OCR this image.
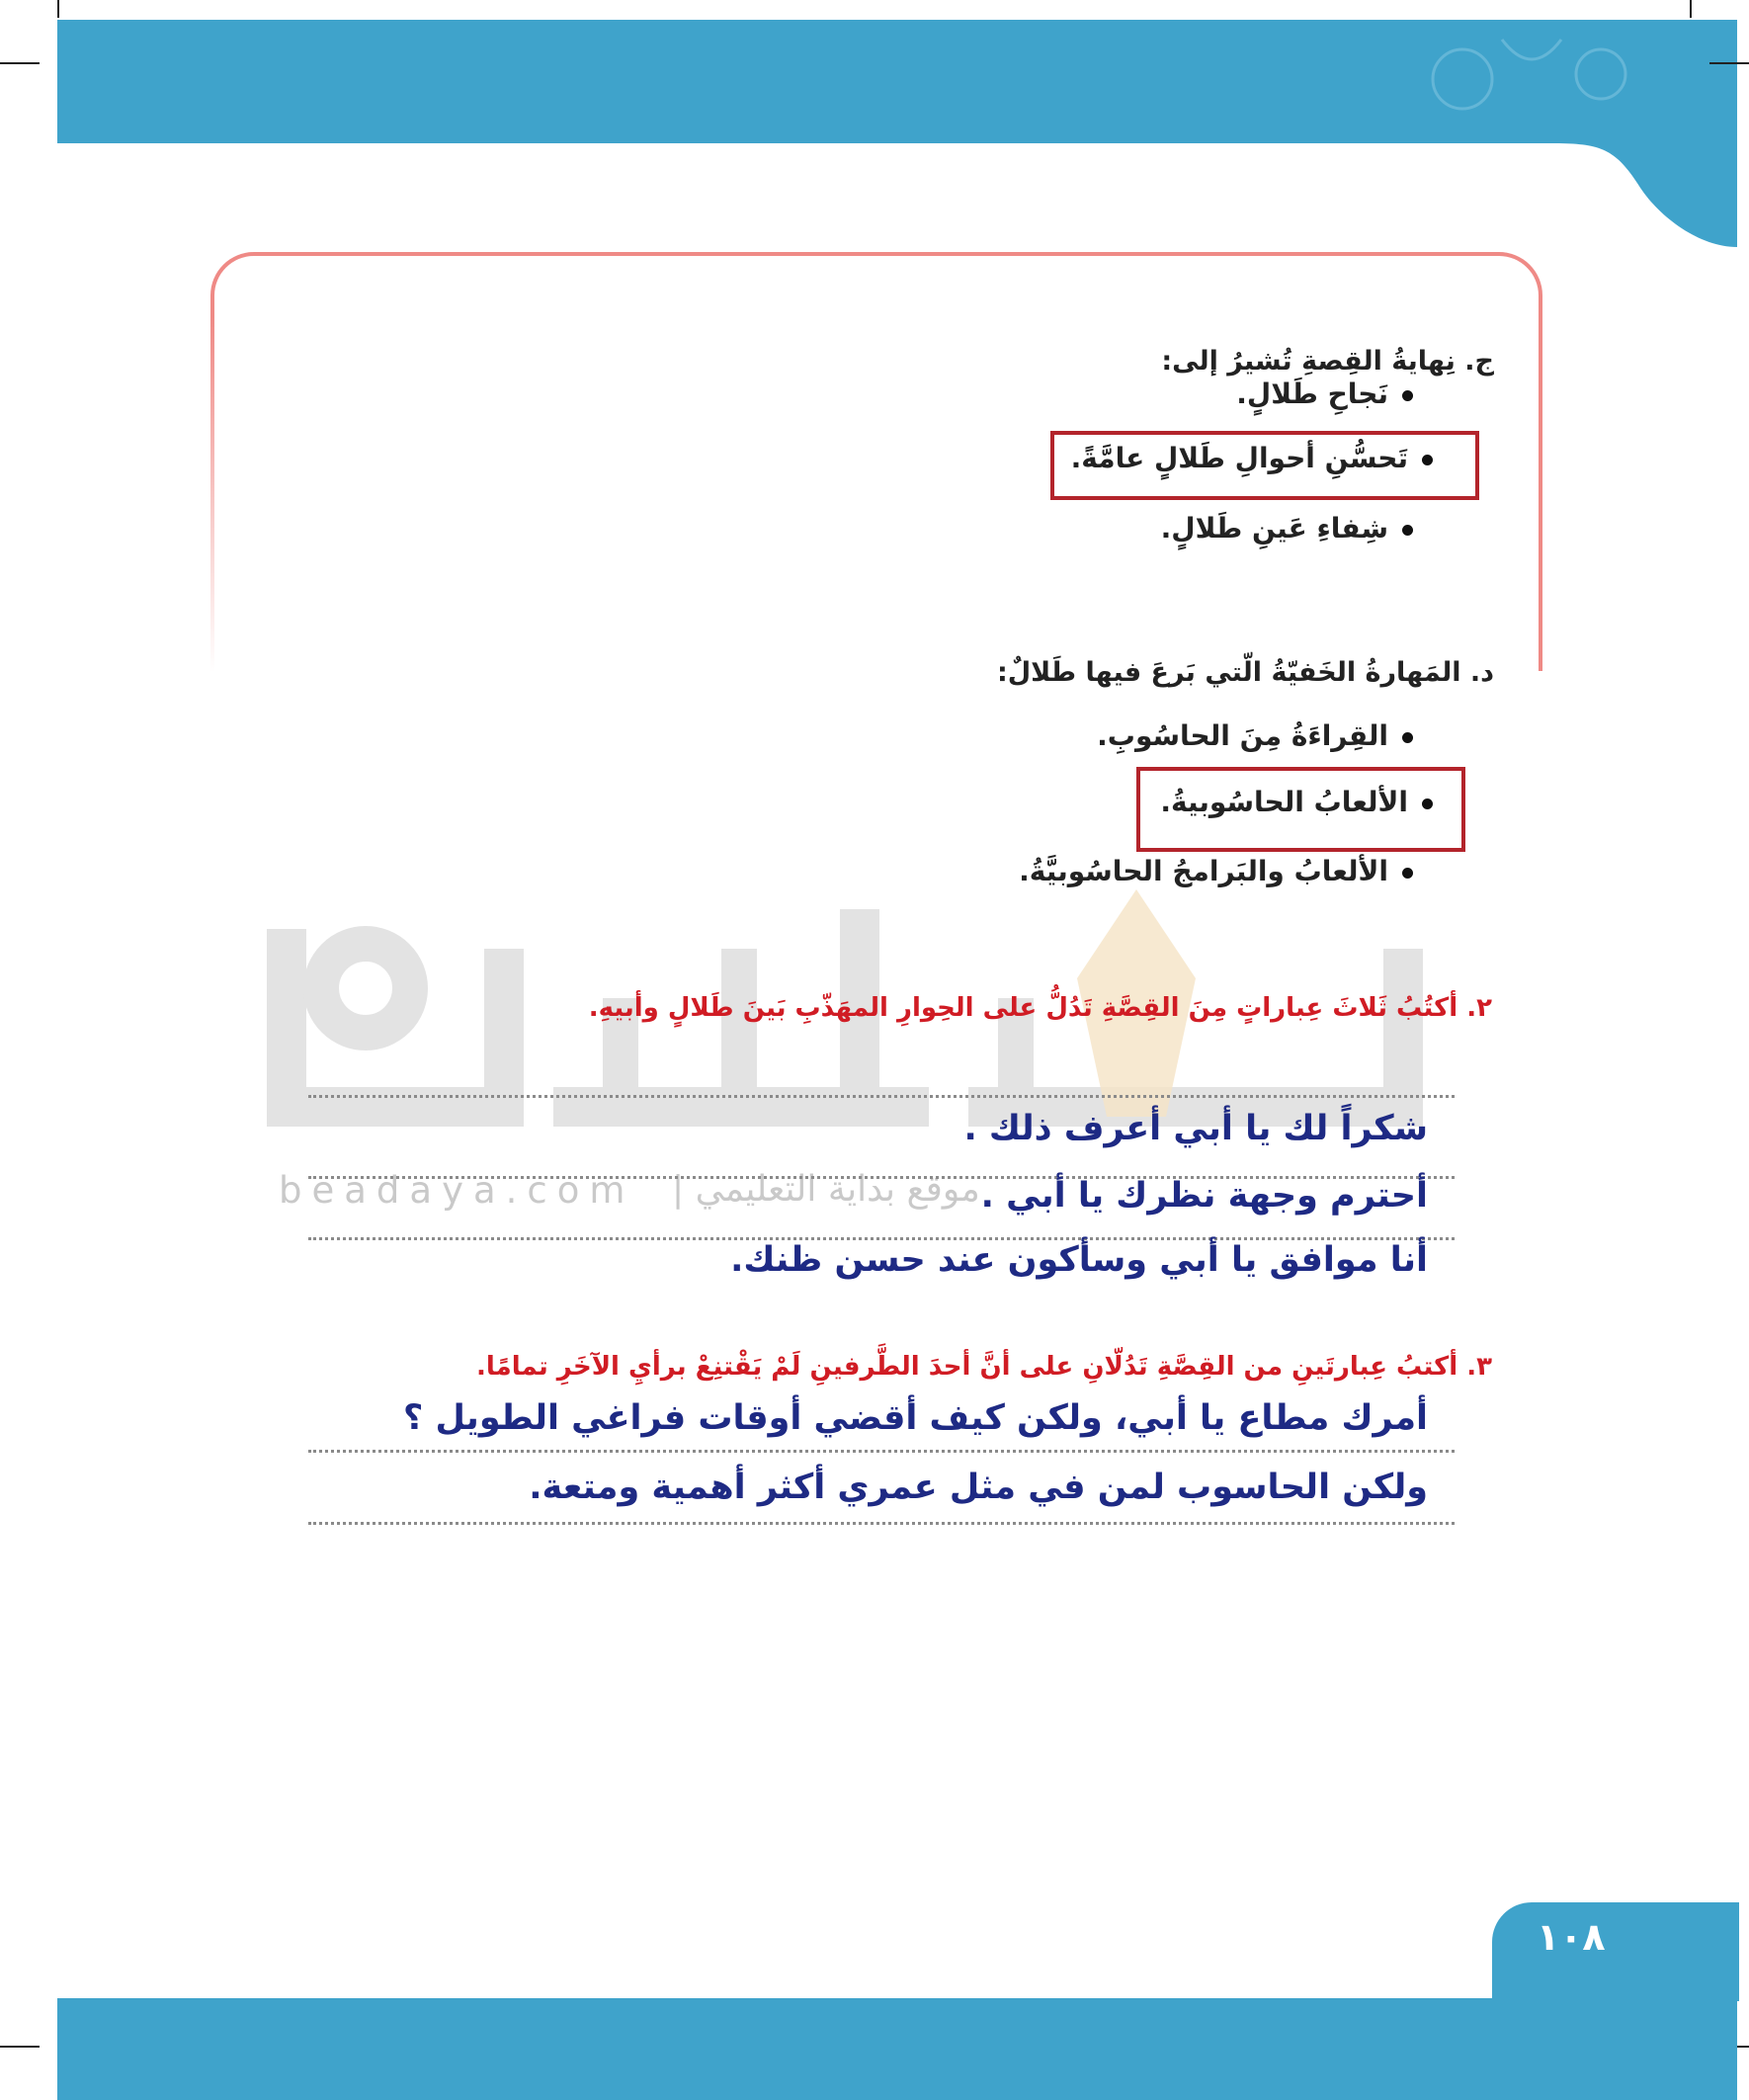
beadaya.com موقع بداية التعليمي |
ج. نِهايةُ القِصةِ تُشيرُ إلى:
نَجاحِ طَلالٍ.
تَحسُّنِ أحوالِ طَلالٍ عامَّةً.
شِفاءِ عَينِ طَلالٍ.
د. المَهارةُ الخَفيّةُ الّتي بَرعَ فيها طَلالٌ:
القِراءَةُ مِنَ الحاسُوبِ.
الألعابُ الحاسُوبيةُ.
الألعابُ والبَرامجُ الحاسُوبيَّةُ.
٢. أكتُبُ ثَلاثَ عِباراتٍ مِنَ القِصَّةِ تَدُلُّ على الحِوارِ المهَذّبِ بَينَ طَلالٍ وأبيهِ.
شكراً لك يا أبي أعرف ذلك .
أحترم وجهة نظرك يا أبي .
أنا موافق يا أبي وسأكون عند حسن ظنك.
٣. أكتبُ عِبارتَينِ من القِصَّةِ تَدُلّانِ على أنَّ أحدَ الطَّرفينِ لَمْ يَقْتنِعْ برأيِ الآخَرِ تمامًا.
أمرك مطاع يا أبي، ولكن كيف أقضي أوقات فراغي الطويل ؟
ولكن الحاسوب لمن في مثل عمري أكثر أهمية ومتعة.
١٠٨
